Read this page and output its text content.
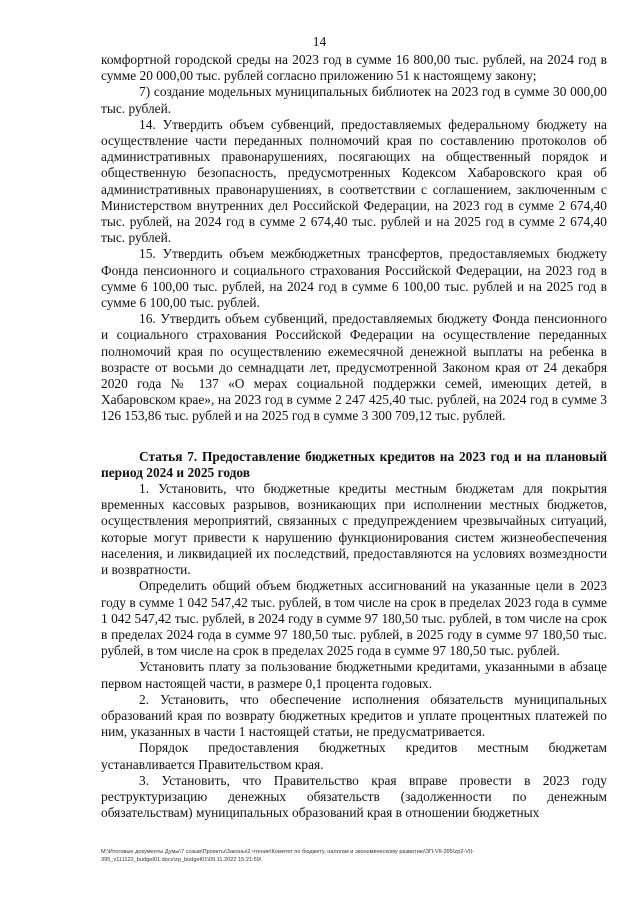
14

комфортной городской среды на 2023 год в сумме 16 800,00 тыс. рублей, на 2024 год в сумме 20 000,00 тыс. рублей согласно приложению 51 к настоящему закону;

7) создание модельных муниципальных библиотек на 2023 год в сумме 30 000,00 тыс. рублей.

14. Утвердить объем субвенций, предоставляемых федеральному бюджету на осуществление части переданных полномочий края по составлению протоколов об административных правонарушениях, посягающих на общественный порядок и общественную безопасность, предусмотренных Кодексом Хабаровского края об административных правонарушениях, в соответствии с соглашением, заключенным с Министерством внутренних дел Российской Федерации, на 2023 год в сумме 2 674,40 тыс. рублей, на 2024 год в сумме 2 674,40 тыс. рублей и на 2025 год в сумме 2 674,40 тыс. рублей.

15. Утвердить объем межбюджетных трансфертов, предоставляемых бюджету Фонда пенсионного и социального страхования Российской Федерации, на 2023 год в сумме 6 100,00 тыс. рублей, на 2024 год в сумме 6 100,00 тыс. рублей и на 2025 год в сумме 6 100,00 тыс. рублей.

16. Утвердить объем субвенций, предоставляемых бюджету Фонда пенсионного и социального страхования Российской Федерации на осуществление переданных полномочий края по осуществлению ежемесячной денежной выплаты на ребенка в возрасте от восьми до семнадцати лет, предусмотренной Законом края от 24 декабря 2020 года № 137 «О мерах социальной поддержки семей, имеющих детей, в Хабаровском крае», на 2023 год в сумме 2 247 425,40 тыс. рублей, на 2024 год в сумме 3 126 153,86 тыс. рублей и на 2025 год в сумме 3 300 709,12 тыс. рублей.

Статья 7. Предоставление бюджетных кредитов на 2023 год и на плановый период 2024 и 2025 годов

1. Установить, что бюджетные кредиты местным бюджетам для покрытия временных кассовых разрывов, возникающих при исполнении местных бюджетов, осуществления мероприятий, связанных с предупреждением чрезвычайных ситуаций, которые могут привести к нарушению функционирования систем жизнеобеспечения населения, и ликвидацией их последствий, предоставляются на условиях возмездности и возвратности.

Определить общий объем бюджетных ассигнований на указанные цели в 2023 году в сумме 1 042 547,42 тыс. рублей, в том числе на срок в пределах 2023 года в сумме 1 042 547,42 тыс. рублей, в 2024 году в сумме 97 180,50 тыс. рублей, в том числе на срок в пределах 2024 года в сумме 97 180,50 тыс. рублей, в 2025 году в сумме 97 180,50 тыс. рублей, в том числе на срок в пределах 2025 года в сумме 97 180,50 тыс. рублей.

Установить плату за пользование бюджетными кредитами, указанными в абзаце первом настоящей части, в размере 0,1 процента годовых.

2. Установить, что обеспечение исполнения обязательств муниципальных образований края по возврату бюджетных кредитов и уплате процентных платежей по ним, указанных в части 1 настоящей статьи, не предусматривается.

Порядок предоставления бюджетных кредитов местным бюджетам устанавливается Правительством края.

3. Установить, что Правительство края вправе провести в 2023 году реструктуризацию денежных обязательств (задолженности по денежным обязательствам) муниципальных образований края в отношении бюджетных

M:\Итоговые документы Думы\7 созыв\Проекты\Законы\2 чтение\Комитет по бюджету, налогам и экономическому развитию\ЗП-VII-395\zp2-VII-
395_v111122_budget01.docx\zp_budget01\09.11.2022 15:21:59\
